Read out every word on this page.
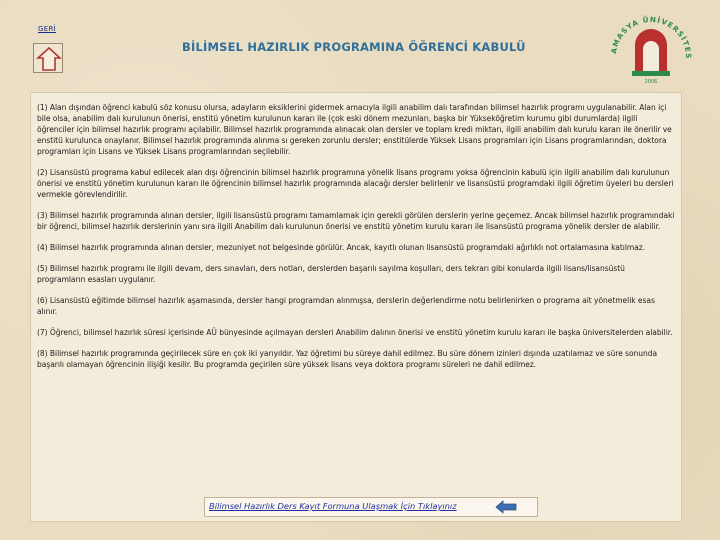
GERİ
BİLİMSEL HAZIRLIK PROGRAMINA ÖĞRENCİ KABULÜ	AMASYA ÜNİVERSİTES
2006

(1) Alan dışından öğrenci kabulü söz konusu olursa, adayların eksiklerini gidermek amacıyla ilgili anabilim dalı tarafından bilimsel hazırlık programı uygulanabilir. Alan içi bile olsa, anabilim dalı kurulunun önerisi, enstitü yönetim kurulunun kararı ile (çok eski dönem mezunları, başka bir Yükseköğretim kurumu gibi durumlarda) ilgili öğrenciler için bilimsel hazırlık programı açılabilir. Bilimsel hazırlık programında alınacak olan dersler ve toplam kredi miktarı, ilgili anabilim dalı kurulu kararı ile önerilir ve enstitü kurulunca onaylanır. Bilimsel hazırlık programında alınma sı gereken zorunlu dersler; enstitülerde Yüksek Lisans programları için Lisans programlarından, doktora programları için Lisans ve Yüksek Lisans programlarından seçilebilir.

(2) Lisansüstü programa kabul edilecek alan dışı öğrencinin bilimsel hazırlık programına yönelik lisans programı yoksa öğrencinin kabulü için ilgili anabilim dalı kurulunun önerisi ve enstitü yönetim kurulunun kararı ile öğrencinin bilimsel hazırlık programında alacağı dersler belirlenir ve lisansüstü programdaki ilgili öğretim üyeleri bu dersleri vermekle görevlendirilir.

(3) Bilimsel hazırlık programında alınan dersler, ilgili lisansüstü programı tamamlamak için gerekli görülen derslerin yerine geçemez. Ancak bilimsel hazırlık programındaki bir öğrenci, bilimsel hazırlık derslerinin yanı sıra ilgili Anabilim dalı kurulunun önerisi ve enstitü yönetim kurulu kararı ile lisansüstü programa yönelik dersler de alabilir.

(4) Bilimsel hazırlık programında alınan dersler, mezuniyet not belgesinde görülür. Ancak, kayıtlı olunan lisansüstü programdaki ağırlıklı not ortalamasına katılmaz.

(5) Bilimsel hazırlık programı ile ilgili devam, ders sınavları, ders notları, derslerden başarılı sayılma koşulları, ders tekrarı gibi konularda ilgili lisans/lisansüstü programların esasları uygulanır.

(6) Lisansüstü eğitimde bilimsel hazırlık aşamasında, dersler hangi programdan alınmışsa, derslerin değerlendirme notu belirlenirken o programa ait yönetmelik esas alınır.

(7) Öğrenci, bilimsel hazırlık süresi içerisinde AÜ bünyesinde açılmayan dersleri Anabilim dalının önerisi ve enstitü yönetim kurulu kararı ile başka üniversitelerden alabilir.

(8) Bilimsel hazırlık programında geçirilecek süre en çok iki yarıyıldır. Yaz öğretimi bu süreye dahil edilmez. Bu süre dönem izinleri dışında uzatılamaz ve süre sonunda başarılı olamayan öğrencinin ilişiği kesilir. Bu programda geçirilen süre yüksek lisans veya doktora programı süreleri ne dahil edilmez.

Bilimsel Hazırlık Ders Kayıt Formuna Ulaşmak İçin Tıklayınız
